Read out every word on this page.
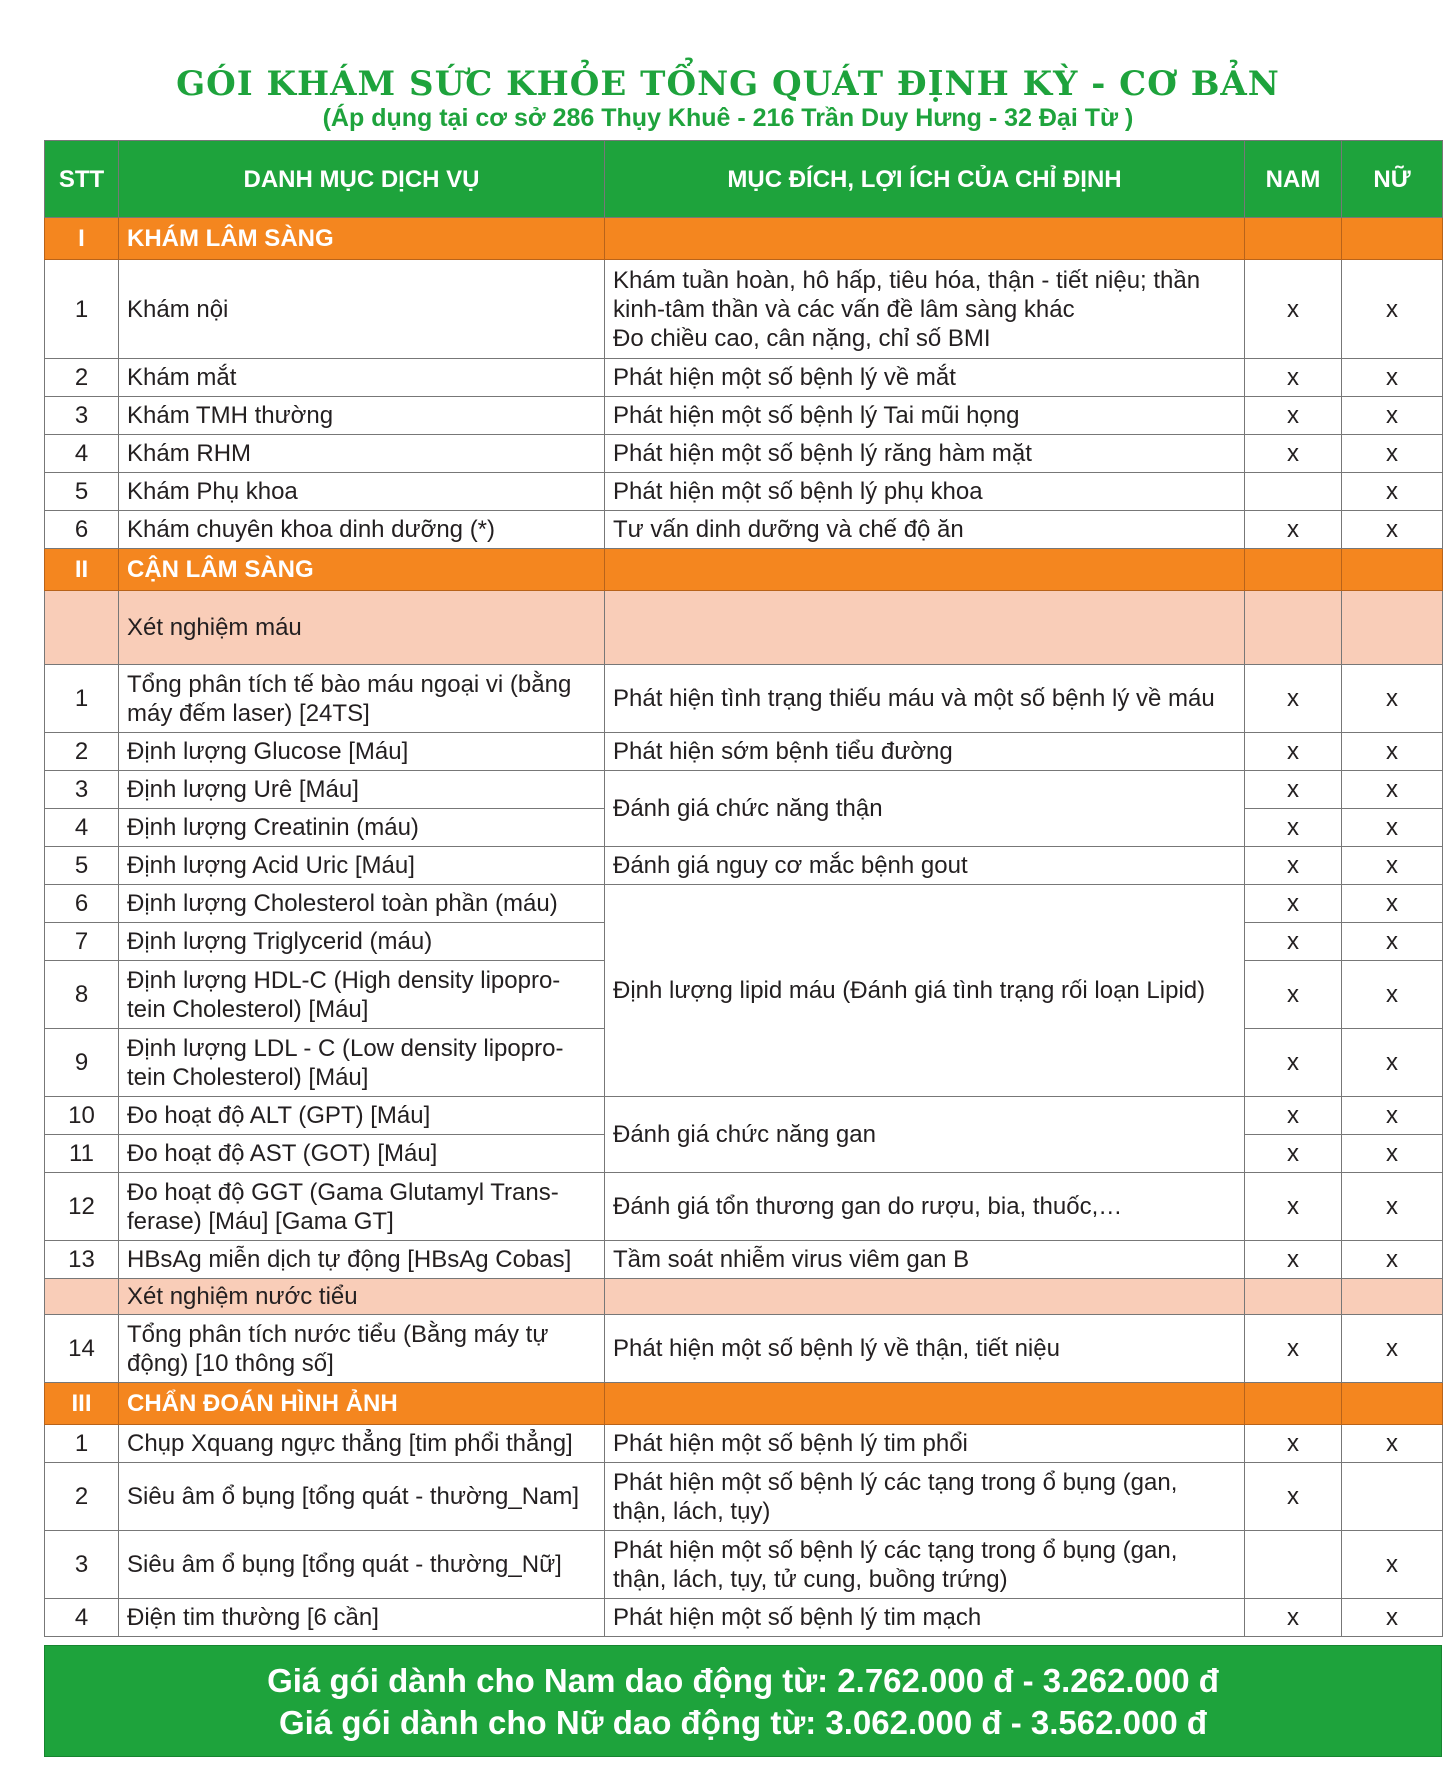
GÓI KHÁM SỨC KHỎE TỔNG QUÁT ĐỊNH KỲ - CƠ BẢN
(Áp dụng tại cơ sở 286 Thụy Khuê - 216 Trần Duy Hưng - 32 Đại Từ )
STT	DANH MỤC DỊCH VỤ	MỤC ĐÍCH, LỢI ÍCH CỦA CHỈ ĐỊNH	NAM	NỮ
I	KHÁM LÂM SÀNG			
1	Khám nội	Khám tuần hoàn, hô hấp, tiêu hóa, thận - tiết niệu; thần
kinh-tâm thần và các vấn đề lâm sàng khác
Đo chiều cao, cân nặng, chỉ số BMI	x	x
2	Khám mắt	Phát hiện một số bệnh lý về mắt	x	x
3	Khám TMH thường	Phát hiện một số bệnh lý Tai mũi họng	x	x
4	Khám RHM	Phát hiện một số bệnh lý răng hàm mặt	x	x
5	Khám Phụ khoa	Phát hiện một số bệnh lý phụ khoa		x
6	Khám chuyên khoa dinh dưỡng (*)	Tư vấn dinh dưỡng và chế độ ăn	x	x
II	CẬN LÂM SÀNG			
	Xét nghiệm máu			
1	Tổng phân tích tế bào máu ngoại vi (bằng
máy đếm laser) [24TS]	Phát hiện tình trạng thiếu máu và một số bệnh lý về máu	x	x
2	Định lượng Glucose [Máu]	Phát hiện sớm bệnh tiểu đường	x	x
3	Định lượng Urê [Máu]	Đánh giá chức năng thận	x	x
4	Định lượng Creatinin (máu)		x	x
5	Định lượng Acid Uric [Máu]	Đánh giá nguy cơ mắc bệnh gout	x	x
6	Định lượng Cholesterol toàn phần (máu)	Định lượng lipid máu (Đánh giá tình trạng rối loạn Lipid)	x	x
7	Định lượng Triglycerid (máu)		x	x
8	Định lượng HDL-C (High density lipopro-
tein Cholesterol) [Máu]		x	x
9	Định lượng LDL - C (Low density lipopro-
tein Cholesterol) [Máu]		x	x
10	Đo hoạt độ ALT (GPT) [Máu]	Đánh giá chức năng gan	x	x
11	Đo hoạt độ AST (GOT) [Máu]		x	x
12	Đo hoạt độ GGT (Gama Glutamyl Trans-
ferase) [Máu] [Gama GT]	Đánh giá tổn thương gan do rượu, bia, thuốc,…	x	x
13	HBsAg miễn dịch tự động [HBsAg Cobas]	Tầm soát nhiễm virus viêm gan B	x	x
	Xét nghiệm nước tiểu			
14	Tổng phân tích nước tiểu (Bằng máy tự
động) [10 thông số]	Phát hiện một số bệnh lý về thận, tiết niệu	x	x
III	CHẨN ĐOÁN HÌNH ẢNH			
1	Chụp Xquang ngực thẳng [tim phổi thẳng]	Phát hiện một số bệnh lý tim phổi	x	x
2	Siêu âm ổ bụng [tổng quát - thường_Nam]	Phát hiện một số bệnh lý các tạng trong ổ bụng (gan,
thận, lách, tụy)	x	
3	Siêu âm ổ bụng [tổng quát - thường_Nữ]	Phát hiện một số bệnh lý các tạng trong ổ bụng (gan,
thận, lách, tụy, tử cung, buồng trứng)		x
4	Điện tim thường [6 cần]	Phát hiện một số bệnh lý tim mạch	x	x
Giá gói dành cho Nam dao động từ: 2.762.000 đ - 3.262.000 đ
Giá gói dành cho Nữ dao động từ: 3.062.000 đ - 3.562.000 đ
